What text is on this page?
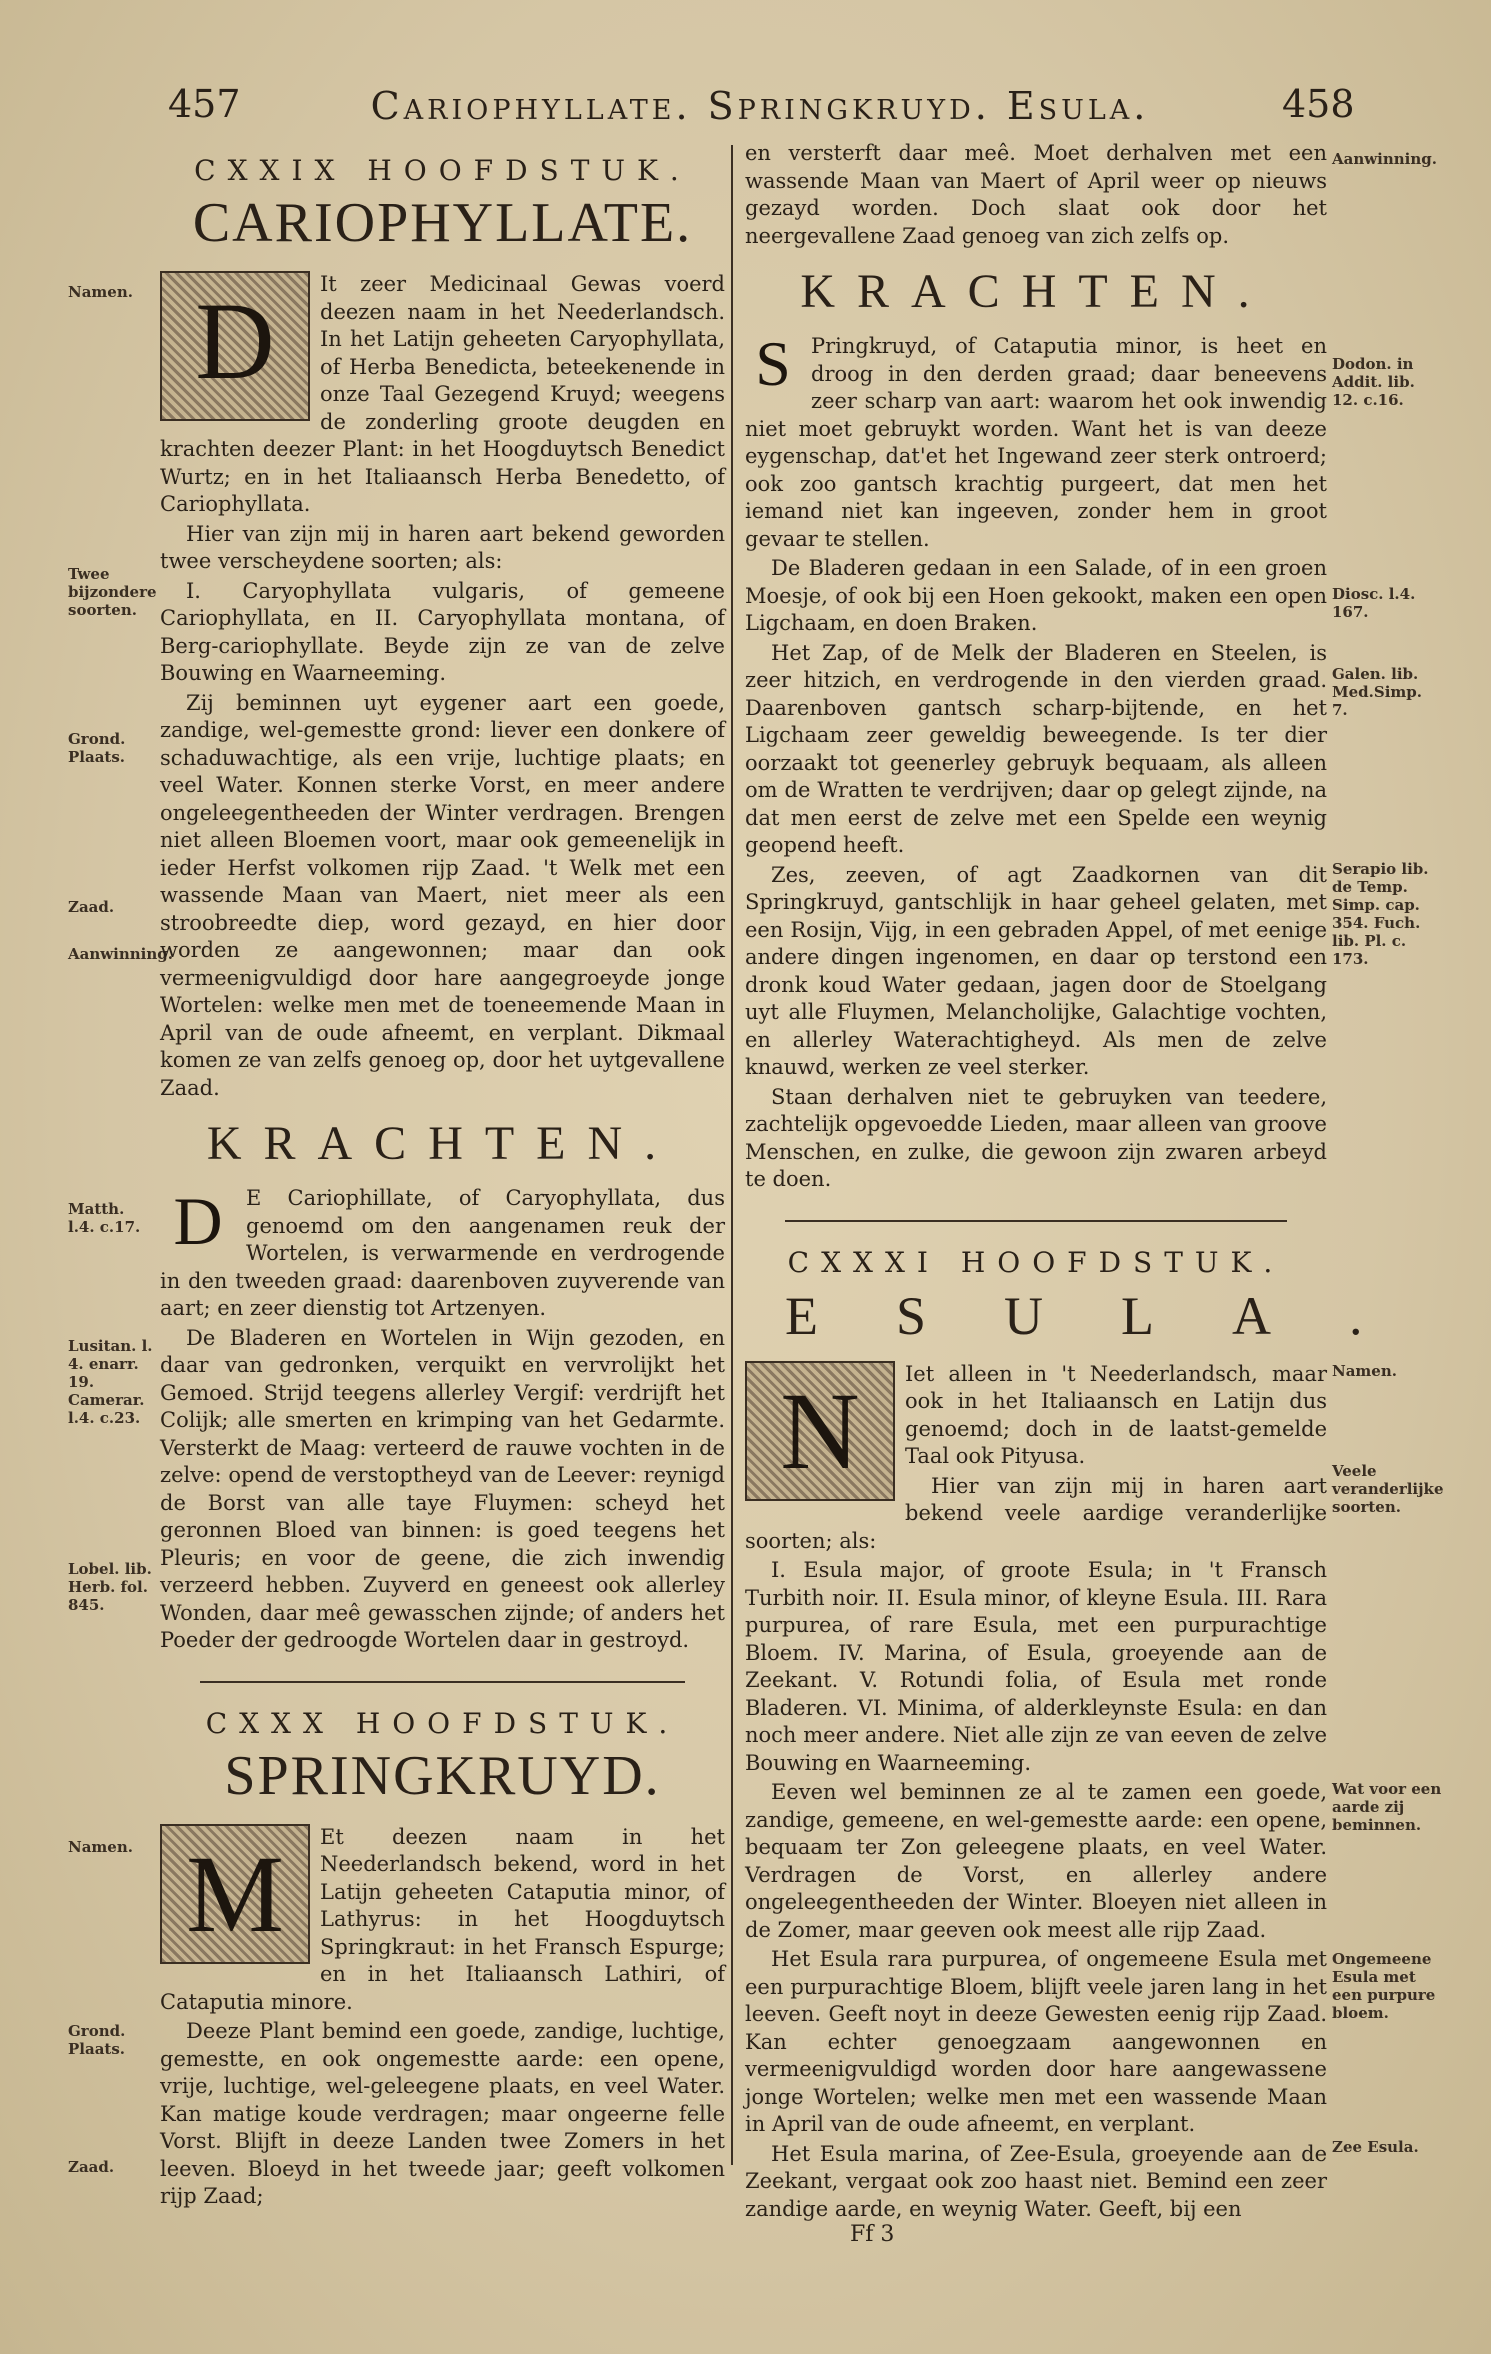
457	Cariophyllate. Springkruyd. Esula.	458
Namen.
Twee bijzondere soorten.
Grond. Plaats.
Zaad.
Aanwinning.
Matth. l.4. c.17.
Lusitan. l. 4. enarr. 19. Camerar. l.4. c.23.
Lobel. lib. Herb. fol. 845.
Namen.
Grond. Plaats.
Zaad.
CXXIX HOOFDSTUK.
CARIOPHYLLATE.
D	It zeer Medicinaal Gewas voerd deezen naam in het Neederlandsch. In het Latijn geheeten Caryophyllata, of Herba Benedicta, beteekenende in onze Taal Gezegend Kruyd; weegens de zonderling groote deugden en krachten deezer Plant: in het Hoogduytsch Benedict Wurtz; en in het Italiaansch Herba Benedetto, of Cariophyllata.

Hier van zijn mij in haren aart bekend geworden twee verscheydene soorten; als:

I. Caryophyllata vulgaris, of gemeene Cariophyllata, en II. Caryophyllata montana, of Berg-cariophyllate. Beyde zijn ze van de zelve Bouwing en Waarneeming.

Zij beminnen uyt eygener aart een goede, zandige, wel-gemestte grond: liever een donkere of schaduwachtige, als een vrije, luchtige plaats; en veel Water. Konnen sterke Vorst, en meer andere ongeleegentheeden der Winter verdragen. Brengen niet alleen Bloemen voort, maar ook gemeenelijk in ieder Herfst volkomen rijp Zaad. 't Welk met een wassende Maan van Maert, niet meer als een stroobreedte diep, word gezayd, en hier door worden ze aangewonnen; maar dan ook vermeenigvuldigd door hare aangegroeyde jonge Wortelen: welke men met de toeneemende Maan in April van de oude afneemt, en verplant. Dikmaal komen ze van zelfs genoeg op, door het uytgevallene Zaad.

KRACHTEN.
D	E Cariophillate, of Caryophyllata, dus genoemd om den aangenamen reuk der Wortelen, is verwarmende en verdrogende in den tweeden graad: daarenboven zuyverende van aart; en zeer dienstig tot Artzenyen.

De Bladeren en Wortelen in Wijn gezoden, en daar van gedronken, verquikt en vervrolijkt het Gemoed. Strijd teegens allerley Vergif: verdrijft het Colijk; alle smerten en krimping van het Gedarmte. Versterkt de Maag: verteerd de rauwe vochten in de zelve: opend de verstoptheyd van de Leever: reynigd de Borst van alle taye Fluymen: scheyd het geronnen Bloed van binnen: is goed teegens het Pleuris; en voor de geene, die zich inwendig verzeerd hebben. Zuyverd en geneest ook allerley Wonden, daar meê gewasschen zijnde; of anders het Poeder der gedroogde Wortelen daar in gestroyd.

CXXX HOOFDSTUK.
SPRINGKRUYD.
M	Et deezen naam in het Neederlandsch bekend, word in het Latijn geheeten Cataputia minor, of Lathyrus: in het Hoogduytsch Springkraut: in het Fransch Espurge; en in het Italiaansch Lathiri, of Cataputia minore.

Deeze Plant bemind een goede, zandige, luchtige, gemestte, en ook ongemestte aarde: een opene, vrije, luchtige, wel-geleegene plaats, en veel Water. Kan matige koude verdragen; maar ongeerne felle Vorst. Blijft in deeze Landen twee Zomers in het leeven. Bloeyd in het tweede jaar; geeft volkomen rijp Zaad;

Aanwinning.
Dodon. in Addit. lib. 12. c.16.
Diosc. l.4. 167.
Galen. lib. Med.Simp. 7.
Serapio lib. de Temp. Simp. cap. 354. Fuch. lib. Pl. c. 173.
Namen.
Veele veranderlijke soorten.
Wat voor een aarde zij beminnen.
Ongemeene Esula met een purpure bloem.
Zee Esula.

en versterft daar meê. Moet derhalven met een wassende Maan van Maert of April weer op nieuws gezayd worden. Doch slaat ook door het neergevallene Zaad genoeg van zich zelfs op.

KRACHTEN.
S Pringkruyd, of Cataputia minor, is heet en droog in den derden graad; daar beneevens zeer scharp van aart: waarom het ook inwendig niet moet gebruykt worden. Want het is van deeze eygenschap, dat'et het Ingewand zeer sterk ontroerd; ook zoo gantsch krachtig purgeert, dat men het iemand niet kan ingeeven, zonder hem in groot gevaar te stellen.

De Bladeren gedaan in een Salade, of in een groen Moesje, of ook bij een Hoen gekookt, maken een open Ligchaam, en doen Braken.

Het Zap, of de Melk der Bladeren en Steelen, is zeer hitzich, en verdrogende in den vierden graad. Daarenboven gantsch scharp-bijtende, en het Ligchaam zeer geweldig beweegende. Is ter dier oorzaakt tot geenerley gebruyk bequaam, als alleen om de Wratten te verdrijven; daar op gelegt zijnde, na dat men eerst de zelve met een Spelde een weynig geopend heeft.

Zes, zeeven, of agt Zaadkornen van dit Springkruyd, gantschlijk in haar geheel gelaten, met een Rosijn, Vijg, in een gebraden Appel, of met eenige andere dingen ingenomen, en daar op terstond een dronk koud Water gedaan, jagen door de Stoelgang uyt alle Fluymen, Melancholijke, Galachtige vochten, en allerley Waterachtigheyd. Als men de zelve knauwd, werken ze veel sterker.

Staan derhalven niet te gebruyken van teedere, zachtelijk opgevoedde Lieden, maar alleen van groove Menschen, en zulke, die gewoon zijn zwaren arbeyd te doen.

CXXXI HOOFDSTUK.
ESULA.
N	Iet alleen in 't Neederlandsch, maar ook in het Italiaansch en Latijn dus genoemd; doch in de laatst-gemelde Taal ook Pityusa.

Hier van zijn mij in haren aart bekend veele aardige veranderlijke soorten; als:

I. Esula major, of groote Esula; in 't Fransch Turbith noir. II. Esula minor, of kleyne Esula. III. Rara purpurea, of rare Esula, met een purpurachtige Bloem. IV. Marina, of Esula, groeyende aan de Zeekant. V. Rotundi folia, of Esula met ronde Bladeren. VI. Minima, of alderkleynste Esula: en dan noch meer andere. Niet alle zijn ze van eeven de zelve Bouwing en Waarneeming.

Eeven wel beminnen ze al te zamen een goede, zandige, gemeene, en wel-gemestte aarde: een opene, bequaam ter Zon geleegene plaats, en veel Water. Verdragen de Vorst, en allerley andere ongeleegentheeden der Winter. Bloeyen niet alleen in de Zomer, maar geeven ook meest alle rijp Zaad.

Het Esula rara purpurea, of ongemeene Esula met een purpurachtige Bloem, blijft veele jaren lang in het leeven. Geeft noyt in deeze Gewesten eenig rijp Zaad. Kan echter genoegzaam aangewonnen en vermeenigvuldigd worden door hare aangewassene jonge Wortelen; welke men met een wassende Maan in April van de oude afneemt, en verplant.

Het Esula marina, of Zee-Esula, groeyende aan de Zeekant, vergaat ook zoo haast niet. Bemind een zeer zandige aarde, en weynig Water. Geeft, bij een

Ff 3
